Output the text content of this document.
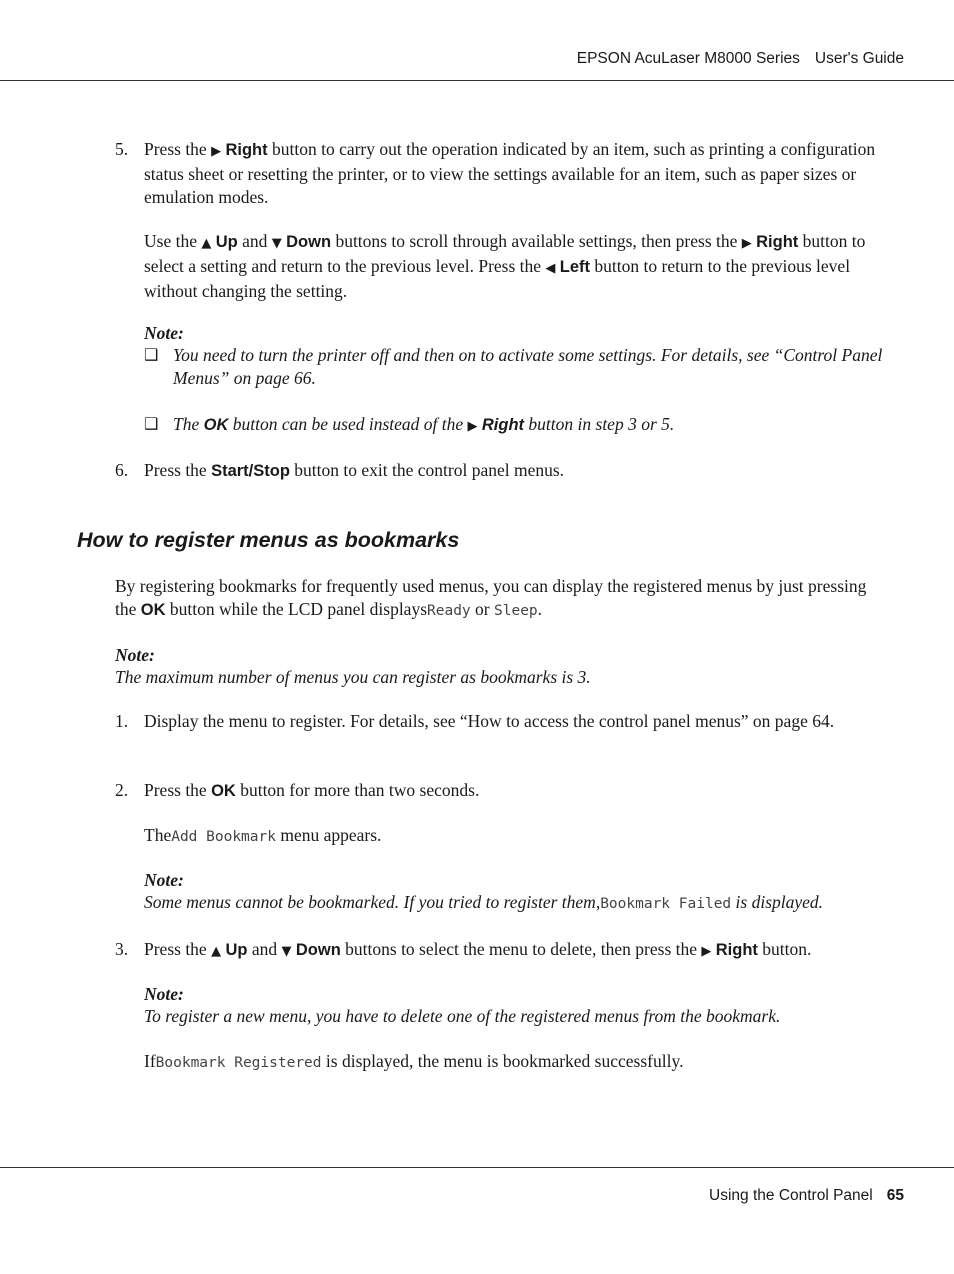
EPSON AcuLaser M8000 Series User's Guide
5. Press the ▶ Right button to carry out the operation indicated by an item, such as printing a configuration status sheet or resetting the printer, or to view the settings available for an item, such as paper sizes or emulation modes.
Use the ▲ Up and ▼ Down buttons to scroll through available settings, then press the ▶ Right button to select a setting and return to the previous level. Press the ◀ Left button to return to the previous level without changing the setting.
Note:
❑ You need to turn the printer off and then on to activate some settings. For details, see “Control Panel Menus” on page 66.
❑ The OK button can be used instead of the ▶ Right button in step 3 or 5.
6. Press the Start/Stop button to exit the control panel menus.
How to register menus as bookmarks
By registering bookmarks for frequently used menus, you can display the registered menus by just pressing the OK button while the LCD panel displaysReady or Sleep.
Note:
The maximum number of menus you can register as bookmarks is 3.
1. Display the menu to register. For details, see “How to access the control panel menus” on page 64.
2. Press the OK button for more than two seconds.
TheAdd Bookmark menu appears.
Note:
Some menus cannot be bookmarked. If you tried to register them,Bookmark Failed is displayed.
3. Press the ▲ Up and ▼ Down buttons to select the menu to delete, then press the ▶ Right button.
Note:
To register a new menu, you have to delete one of the registered menus from the bookmark.
IfBookmark Registered is displayed, the menu is bookmarked successfully.
Using the Control Panel 65
